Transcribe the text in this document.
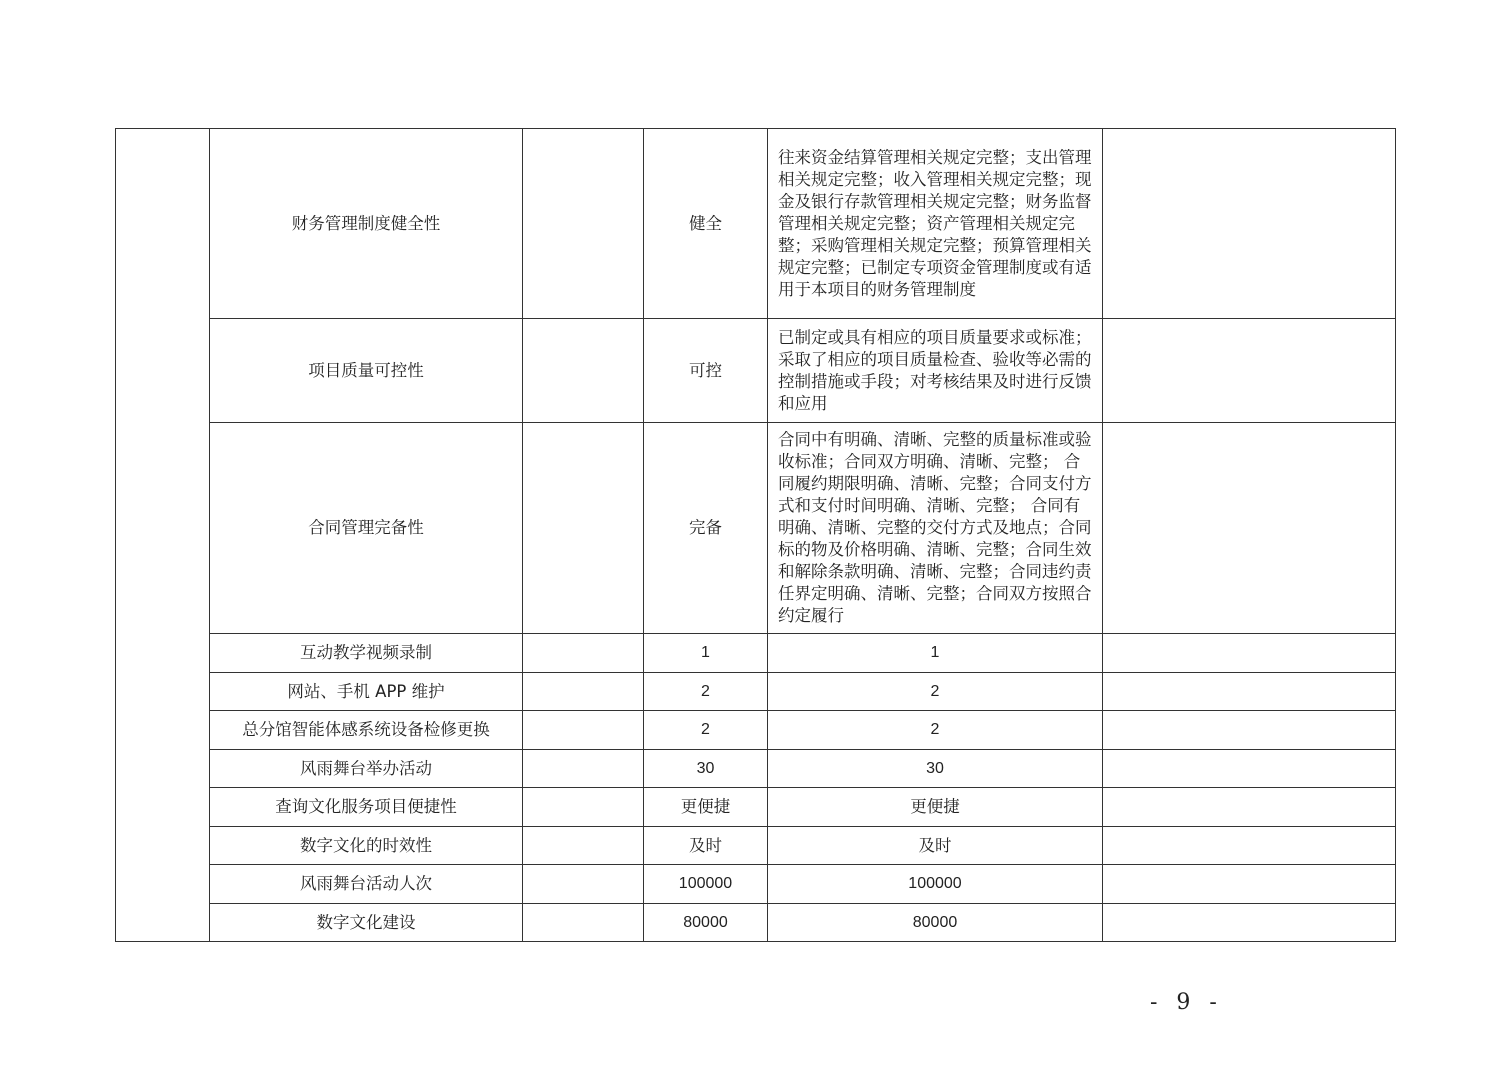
	财务管理制度健全性		健全	往来资金结算管理相关规定完整；支出管理相关规定完整；收入管理相关规定完整；现金及银行存款管理相关规定完整；财务监督管理相关规定完整；资产管理相关规定完整；采购管理相关规定完整；预算管理相关规定完整；已制定专项资金管理制度或有适用于本项目的财务管理制度	
	项目质量可控性		可控	已制定或具有相应的项目质量要求或标准；采取了相应的项目质量检查、验收等必需的控制措施或手段；对考核结果及时进行反馈和应用	
	合同管理完备性		完备	合同中有明确、清晰、完整的质量标准或验收标准；合同双方明确、清晰、完整； 合同履约期限明确、清晰、完整；合同支付方式和支付时间明确、清晰、完整； 合同有明确、清晰、完整的交付方式及地点；合同标的物及价格明确、清晰、完整；合同生效和解除条款明确、清晰、完整；合同违约责任界定明确、清晰、完整；合同双方按照合约定履行	
	互动教学视频录制		1	1	
	网站、手机 APP 维护		2	2	
	总分馆智能体感系统设备检修更换		2	2	
	风雨舞台举办活动		30	30	
	查询文化服务项目便捷性		更便捷	更便捷	
	数字文化的时效性		及时	及时	
	风雨舞台活动人次		100000	100000	
	数字文化建设		80000	80000	
- 9 -
